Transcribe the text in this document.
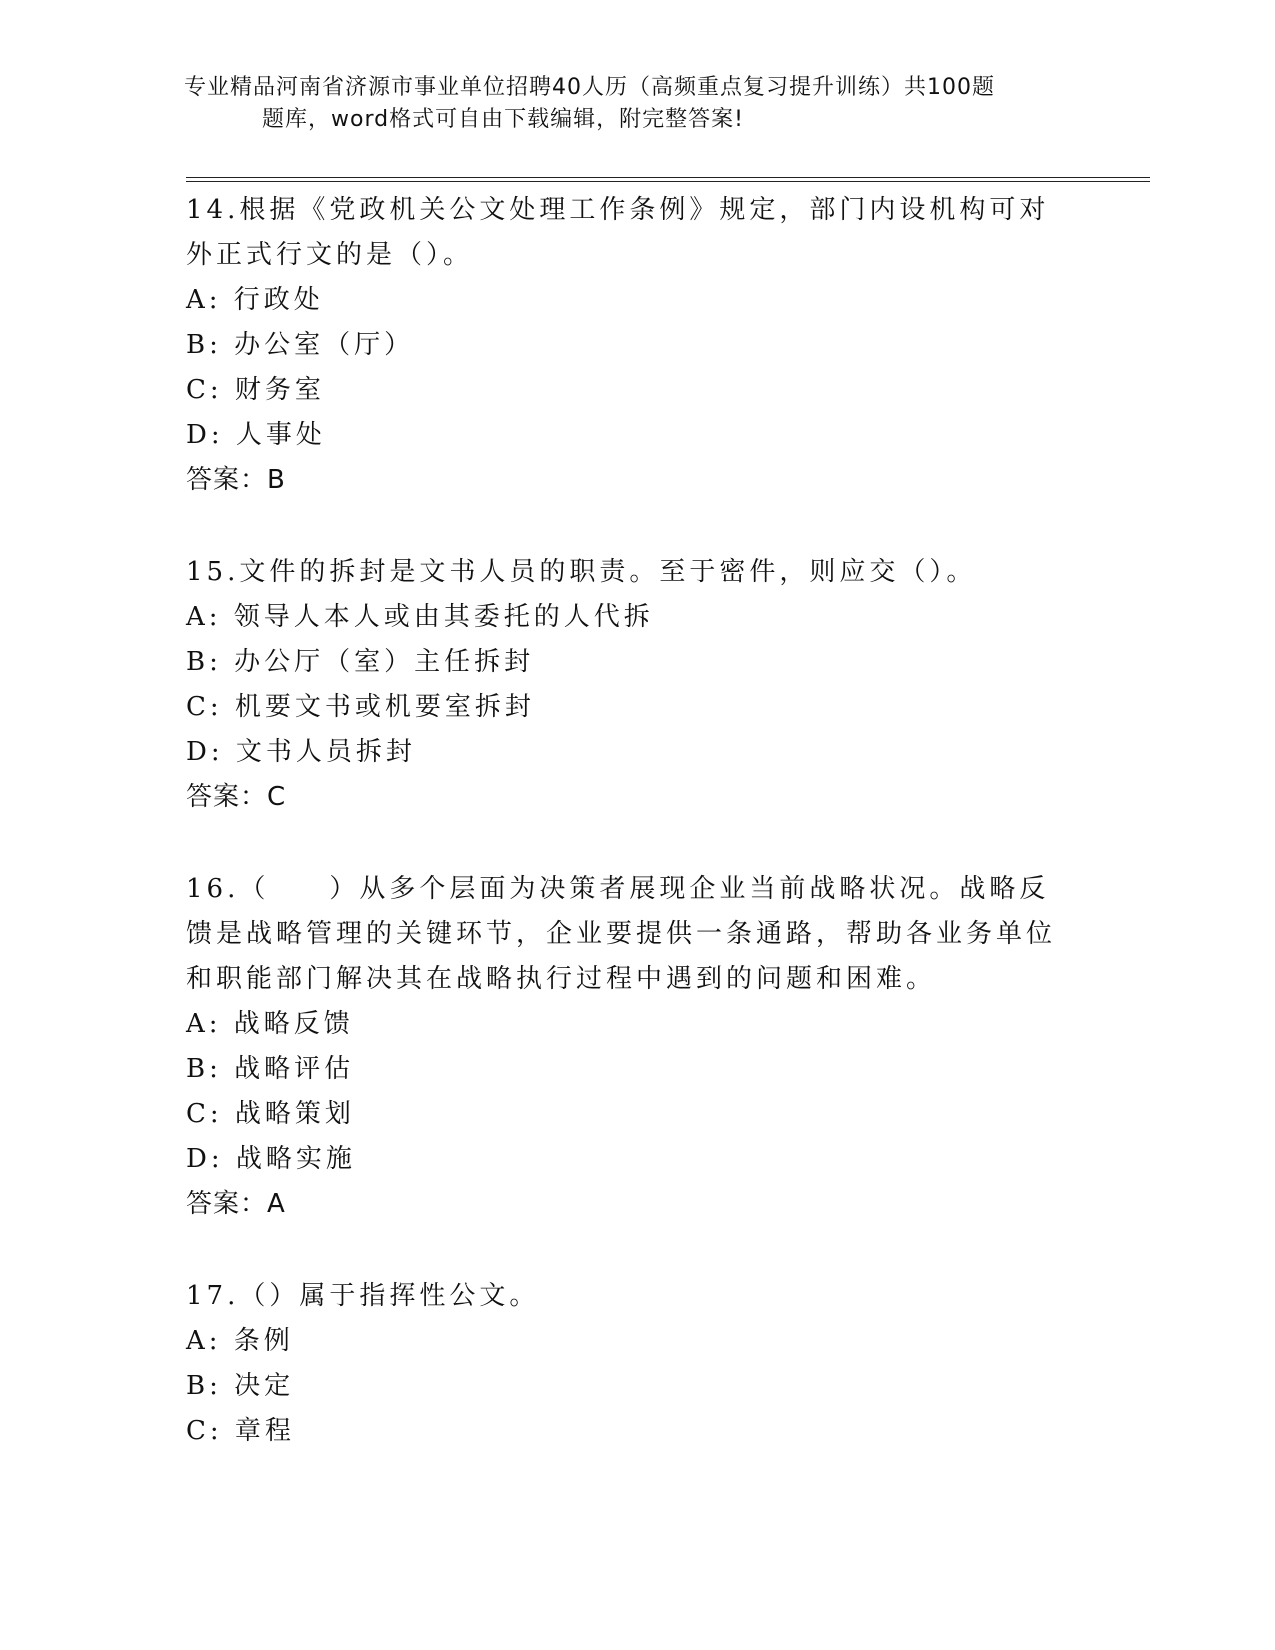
专业精品河南省济源市事业单位招聘40人历（高频重点复习提升训练）共100题
题库，word格式可自由下载编辑，附完整答案!
14.根据《党政机关公文处理工作条例》规定，部门内设机构可对外正式行文的是（）。
A: 行政处
B: 办公室（厅）
C: 财务室
D: 人事处
答案：B
15.文件的拆封是文书人员的职责。至于密件，则应交（）。
A: 领导人本人或由其委托的人代拆
B: 办公厅（室）主任拆封
C: 机要文书或机要室拆封
D: 文书人员拆封
答案：C
16.（　　）从多个层面为决策者展现企业当前战略状况。战略反馈是战略管理的关键环节，企业要提供一条通路，帮助各业务单位和职能部门解决其在战略执行过程中遇到的问题和困难。
A: 战略反馈
B: 战略评估
C: 战略策划
D: 战略实施
答案：A
17.（）属于指挥性公文。
A: 条例
B: 决定
C: 章程
